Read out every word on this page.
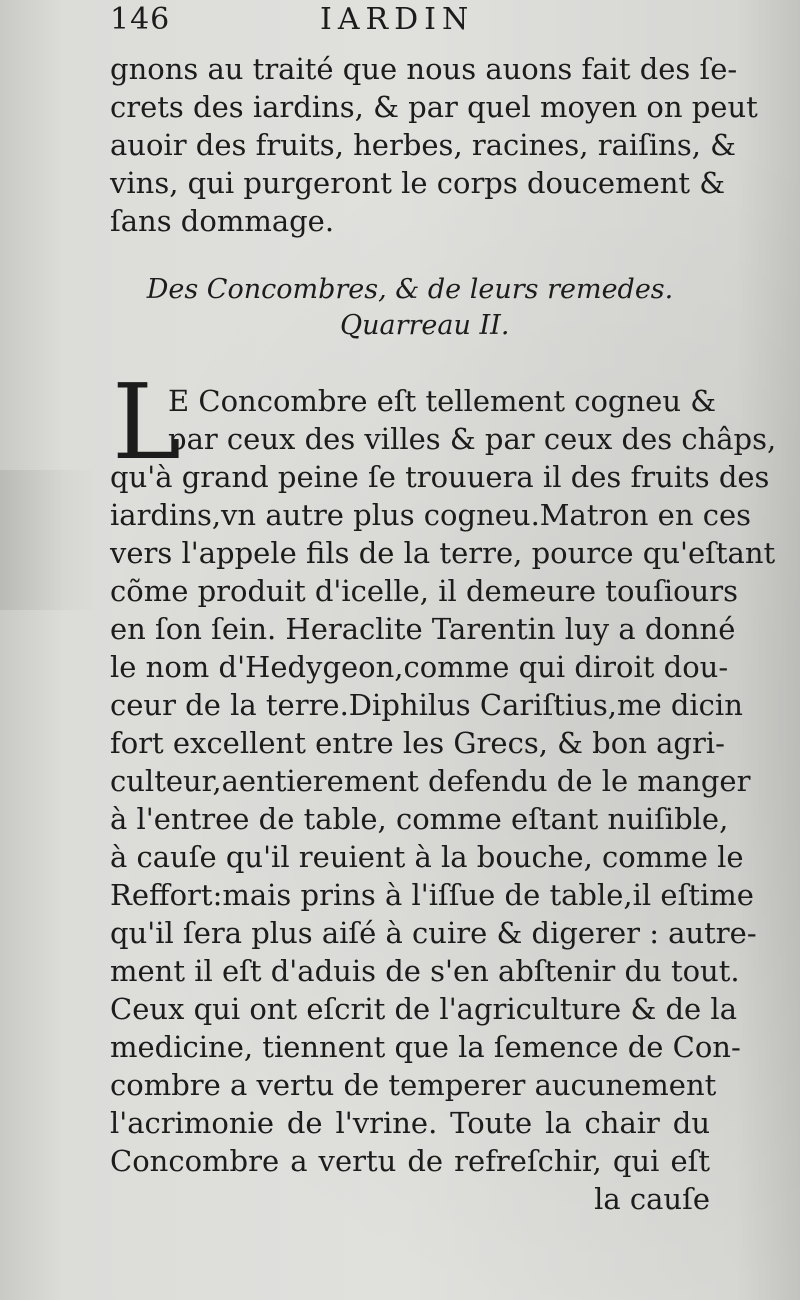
146	IARDIN
gnons au traité que nous auons fait des ſe-
crets des iardins, & par quel moyen on peut
auoir des fruits, herbes, racines, raiſins, &
vins, qui purgeront le corps doucement &
ſans dommage.
Des Concombres, & de leurs remedes.
Quarreau II.
L
E Concombre eſt tellement cogneu &
par ceux des villes & par ceux des châps,
qu'à grand peine ſe trouuera il des fruits des
iardins,vn autre plus cogneu.Matron en ces
vers l'appele fils de la terre, pource qu'eſtant
cõme produit d'icelle, il demeure touſiours
en ſon ſein. Heraclite Tarentin luy a donné
le nom d'Hedygeon,comme qui diroit dou-
ceur de la terre.Diphilus Cariſtius,me dicin
fort excellent entre les Grecs, & bon agri-
culteur,aentierement defendu de le manger
à l'entree de table, comme eſtant nuiſible,
à cauſe qu'il reuient à la bouche, comme le
Reffort:mais prins à l'iſſue de table,il eſtime
qu'il ſera plus aiſé à cuire & digerer : autre-
ment il eſt d'aduis de s'en abſtenir du tout.
Ceux qui ont eſcrit de l'agriculture & de la
medicine, tiennent que la ſemence de Con-
combre a vertu de temperer aucunement
l'acrimonie de l'vrine. Toute la chair du
Concombre a vertu de refreſchir, qui eſt
la cauſe
